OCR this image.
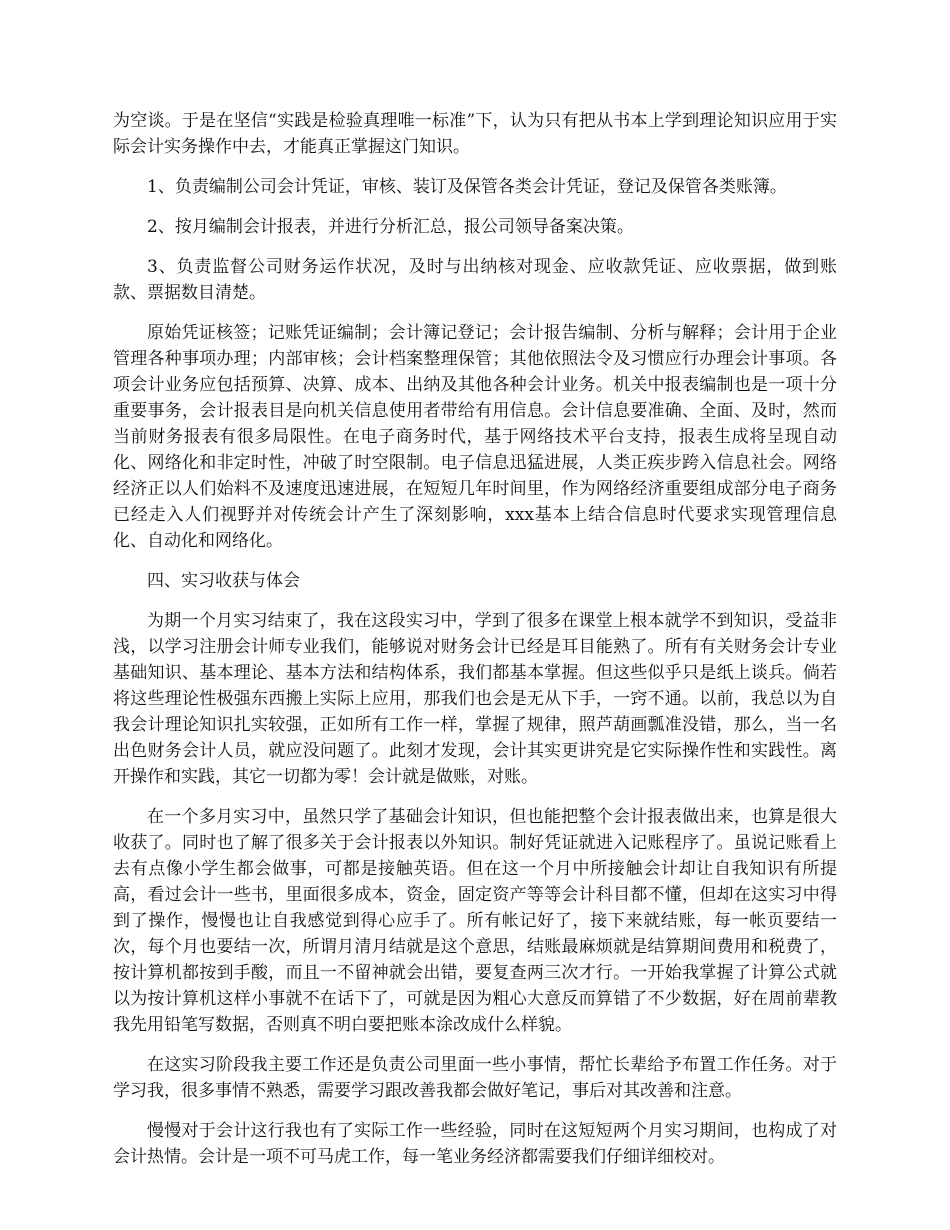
为空谈。于是在坚信“实践是检验真理唯一标准”下，认为只有把从书本上学到理论知识应用于实际会计实务操作中去，才能真正掌握这门知识。

1、负责编制公司会计凭证，审核、装订及保管各类会计凭证，登记及保管各类账簿。

2、按月编制会计报表，并进行分析汇总，报公司领导备案决策。

3、负责监督公司财务运作状况，及时与出纳核对现金、应收款凭证、应收票据，做到账款、票据数目清楚。

原始凭证核签；记账凭证编制；会计簿记登记；会计报告编制、分析与解释；会计用于企业管理各种事项办理；内部审核；会计档案整理保管；其他依照法令及习惯应行办理会计事项。各项会计业务应包括预算、决算、成本、出纳及其他各种会计业务。机关中报表编制也是一项十分重要事务，会计报表目是向机关信息使用者带给有用信息。会计信息要准确、全面、及时，然而当前财务报表有很多局限性。在电子商务时代，基于网络技术平台支持，报表生成将呈现自动化、网络化和非定时性，冲破了时空限制。电子信息迅猛进展，人类正疾步跨入信息社会。网络经济正以人们始料不及速度迅速进展，在短短几年时间里，作为网络经济重要组成部分电子商务已经走入人们视野并对传统会计产生了深刻影响，xxx基本上结合信息时代要求实现管理信息化、自动化和网络化。

四、实习收获与体会

为期一个月实习结束了，我在这段实习中，学到了很多在课堂上根本就学不到知识，受益非浅，以学习注册会计师专业我们，能够说对财务会计已经是耳目能熟了。所有有关财务会计专业基础知识、基本理论、基本方法和结构体系，我们都基本掌握。但这些似乎只是纸上谈兵。倘若将这些理论性极强东西搬上实际上应用，那我们也会是无从下手，一窍不通。以前，我总以为自我会计理论知识扎实较强，正如所有工作一样，掌握了规律，照芦葫画瓢准没错，那么，当一名出色财务会计人员，就应没问题了。此刻才发现，会计其实更讲究是它实际操作性和实践性。离开操作和实践，其它一切都为零！会计就是做账，对账。

在一个多月实习中，虽然只学了基础会计知识，但也能把整个会计报表做出来，也算是很大收获了。同时也了解了很多关于会计报表以外知识。制好凭证就进入记账程序了。虽说记账看上去有点像小学生都会做事，可都是接触英语。但在这一个月中所接触会计却让自我知识有所提高，看过会计一些书，里面很多成本，资金，固定资产等等会计科目都不懂，但却在这实习中得到了操作，慢慢也让自我感觉到得心应手了。所有帐记好了，接下来就结账，每一帐页要结一次，每个月也要结一次，所谓月清月结就是这个意思，结账最麻烦就是结算期间费用和税费了，按计算机都按到手酸，而且一不留神就会出错，要复查两三次才行。一开始我掌握了计算公式就以为按计算机这样小事就不在话下了，可就是因为粗心大意反而算错了不少数据，好在周前辈教我先用铅笔写数据，否则真不明白要把账本涂改成什么样貌。

在这实习阶段我主要工作还是负责公司里面一些小事情，帮忙长辈给予布置工作任务。对于学习我，很多事情不熟悉，需要学习跟改善我都会做好笔记，事后对其改善和注意。

慢慢对于会计这行我也有了实际工作一些经验，同时在这短短两个月实习期间，也构成了对会计热情。会计是一项不可马虎工作，每一笔业务经济都需要我们仔细详细校对。
